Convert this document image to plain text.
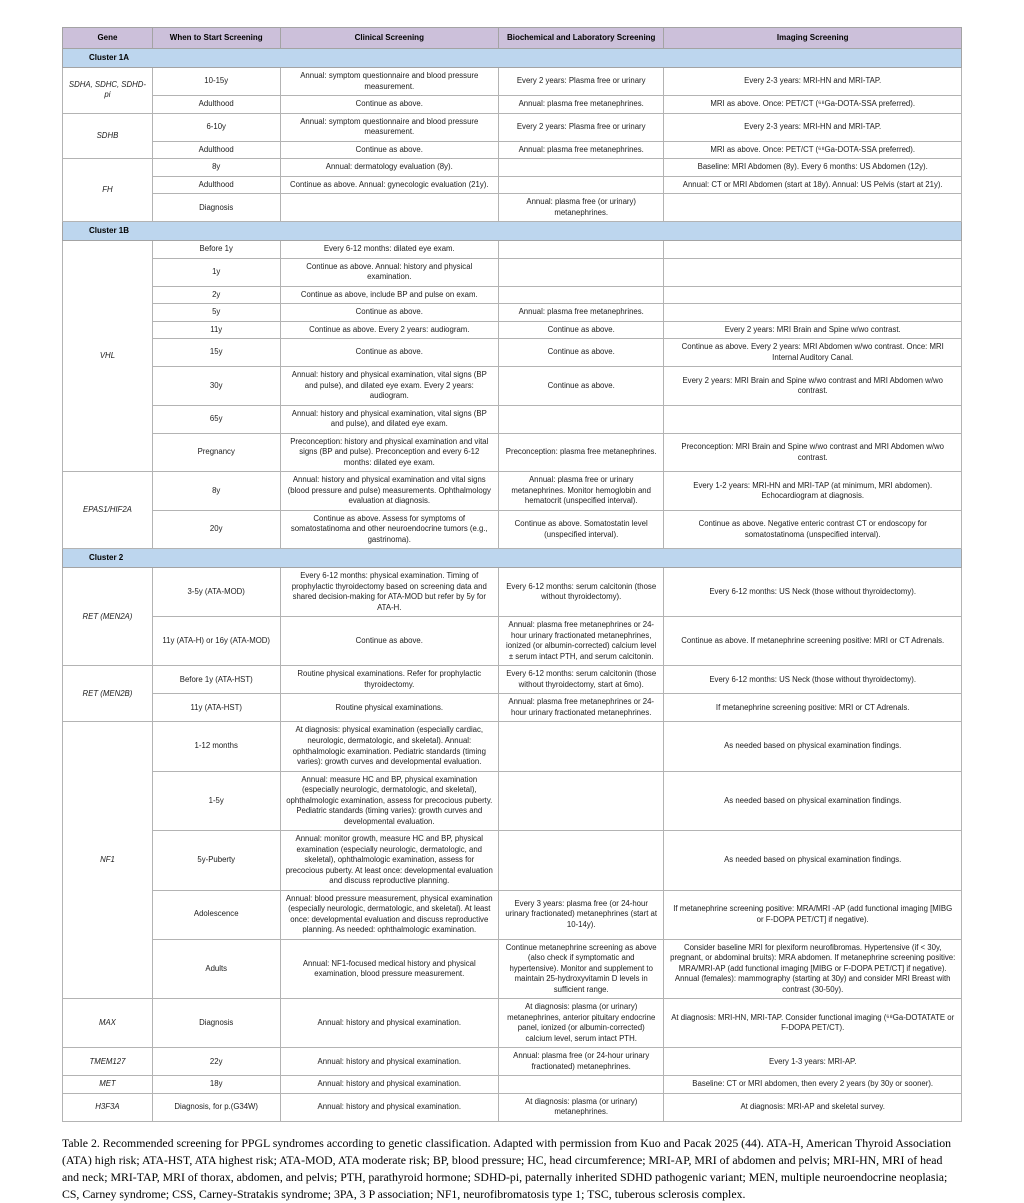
Gene	When to Start Screening	Clinical Screening	Biochemical and Laboratory Screening	Imaging Screening
Cluster 1A				
SDHA, SDHC, SDHD-pi	10-15y	Annual: symptom questionnaire and blood pressure measurement.	Every 2 years: Plasma free or urinary	Every 2-3 years: MRI-HN and MRI-TAP.
	Adulthood	Continue as above.	Annual: plasma free metanephrines.	MRI as above. Once: PET/CT (⁶⁸Ga-DOTA-SSA preferred).
SDHB	6-10y	Annual: symptom questionnaire and blood pressure measurement.	Every 2 years: Plasma free or urinary	Every 2-3 years: MRI-HN and MRI-TAP.
	Adulthood	Continue as above.	Annual: plasma free metanephrines.	MRI as above. Once: PET/CT (⁶⁸Ga-DOTA-SSA preferred).
FH	8y	Annual: dermatology evaluation (8y).		Baseline: MRI Abdomen (8y). Every 6 months: US Abdomen (12y).
	Adulthood	Continue as above. Annual: gynecologic evaluation (21y).		Annual: CT or MRI Abdomen (start at 18y). Annual: US Pelvis (start at 21y).
	Diagnosis		Annual: plasma free (or urinary) metanephrines.	
Cluster 1B				
VHL	Before 1y	Every 6-12 months: dilated eye exam.		
	1y	Continue as above. Annual: history and physical examination.		
	2y	Continue as above, include BP and pulse on exam.		
	5y	Continue as above.	Annual: plasma free metanephrines.	
	11y	Continue as above. Every 2 years: audiogram.	Continue as above.	Every 2 years: MRI Brain and Spine w/wo contrast.
	15y	Continue as above.	Continue as above.	Continue as above. Every 2 years: MRI Abdomen w/wo contrast. Once: MRI Internal Auditory Canal.
	30y	Annual: history and physical examination, vital signs (BP and pulse), and dilated eye exam. Every 2 years: audiogram.	Continue as above.	Every 2 years: MRI Brain and Spine w/wo contrast and MRI Abdomen w/wo contrast.
	65y	Annual: history and physical examination, vital signs (BP and pulse), and dilated eye exam.		
	Pregnancy	Preconception: history and physical examination and vital signs (BP and pulse). Preconception and every 6-12 months: dilated eye exam.	Preconception: plasma free metanephrines.	Preconception: MRI Brain and Spine w/wo contrast and MRI Abdomen w/wo contrast.
EPAS1/HIF2A	8y	Annual: history and physical examination and vital signs (blood pressure and pulse) measurements. Ophthalmology evaluation at diagnosis.	Annual: plasma free or urinary metanephrines. Monitor hemoglobin and hematocrit (unspecified interval).	Every 1-2 years: MRI-HN and MRI-TAP (at minimum, MRI abdomen). Echocardiogram at diagnosis.
	20y	Continue as above. Assess for symptoms of somatostatinoma and other neuroendocrine tumors (e.g., gastrinoma).	Continue as above. Somatostatin level (unspecified interval).	Continue as above. Negative enteric contrast CT or endoscopy for somatostatinoma (unspecified interval).
Cluster 2				
RET (MEN2A)	3-5y (ATA-MOD)	Every 6-12 months: physical examination. Timing of prophylactic thyroidectomy based on screening data and shared decision-making for ATA-MOD but refer by 5y for ATA-H.	Every 6-12 months: serum calcitonin (those without thyroidectomy).	Every 6-12 months: US Neck (those without thyroidectomy).
	11y (ATA-H) or 16y (ATA-MOD)	Continue as above.	Annual: plasma free metanephrines or 24-hour urinary fractionated metanephrines, ionized (or albumin-corrected) calcium level ± serum intact PTH, and serum calcitonin.	Continue as above. If metanephrine screening positive: MRI or CT Adrenals.
RET (MEN2B)	Before 1y (ATA-HST)	Routine physical examinations. Refer for prophylactic thyroidectomy.	Every 6-12 months: serum calcitonin (those without thyroidectomy, start at 6mo).	Every 6-12 months: US Neck (those without thyroidectomy).
	11y (ATA-HST)	Routine physical examinations.	Annual: plasma free metanephrines or 24-hour urinary fractionated metanephrines.	If metanephrine screening positive: MRI or CT Adrenals.
NF1	1-12 months	At diagnosis: physical examination (especially cardiac, neurologic, dermatologic, and skeletal). Annual: ophthalmologic examination. Pediatric standards (timing varies): growth curves and developmental evaluation.		As needed based on physical examination findings.
	1-5y	Annual: measure HC and BP, physical examination (especially neurologic, dermatologic, and skeletal), ophthalmologic examination, assess for precocious puberty. Pediatric standards (timing varies): growth curves and developmental evaluation.		As needed based on physical examination findings.
	5y-Puberty	Annual: monitor growth, measure HC and BP, physical examination (especially neurologic, dermatologic, and skeletal), ophthalmologic examination, assess for precocious puberty. At least once: developmental evaluation and discuss reproductive planning.		As needed based on physical examination findings.
	Adolescence	Annual: blood pressure measurement, physical examination (especially neurologic, dermatologic, and skeletal). At least once: developmental evaluation and discuss reproductive planning. As needed: ophthalmologic examination.	Every 3 years: plasma free (or 24-hour urinary fractionated) metanephrines (start at 10-14y).	If metanephrine screening positive: MRA/MRI -AP (add functional imaging [MIBG or F-DOPA PET/CT] if negative).
	Adults	Annual: NF1-focused medical history and physical examination, blood pressure measurement.	Continue metanephrine screening as above (also check if symptomatic and hypertensive). Monitor and supplement to maintain 25-hydroxyvitamin D levels in sufficient range.	Consider baseline MRI for plexiform neurofibromas. Hypertensive (if < 30y, pregnant, or abdominal bruits): MRA abdomen. If metanephrine screening positive: MRA/MRI-AP (add functional imaging [MIBG or F-DOPA PET/CT] if negative). Annual (females): mammography (starting at 30y) and consider MRI Breast with contrast (30-50y).
MAX	Diagnosis	Annual: history and physical examination.	At diagnosis: plasma (or urinary) metanephrines, anterior pituitary endocrine panel, ionized (or albumin-corrected) calcium level, serum intact PTH.	At diagnosis: MRI-HN, MRI-TAP. Consider functional imaging (⁶⁸Ga-DOTATATE or F-DOPA PET/CT).
TMEM127	22y	Annual: history and physical examination.	Annual: plasma free (or 24-hour urinary fractionated) metanephrines.	Every 1-3 years: MRI-AP.
MET	18y	Annual: history and physical examination.		Baseline: CT or MRI abdomen, then every 2 years (by 30y or sooner).
H3F3A	Diagnosis, for p.(G34W)	Annual: history and physical examination.	At diagnosis: plasma (or urinary) metanephrines.	At diagnosis: MRI-AP and skeletal survey.

Table 2. Recommended screening for PPGL syndromes according to genetic classification. Adapted with permission from Kuo and Pacak 2025 (44). ATA-H, American Thyroid Association (ATA) high risk; ATA-HST, ATA highest risk; ATA-MOD, ATA moderate risk; BP, blood pressure; HC, head circumference; MRI-AP, MRI of abdomen and pelvis; MRI-HN, MRI of head and neck; MRI-TAP, MRI of thorax, abdomen, and pelvis; PTH, parathyroid hormone; SDHD-pi, paternally inherited SDHD pathogenic variant; MEN, multiple neuroendocrine neoplasia; CS, Carney syndrome; CSS, Carney-Stratakis syndrome; 3PA, 3 P association; NF1, neurofibromatosis type 1; TSC, tuberous sclerosis complex.
